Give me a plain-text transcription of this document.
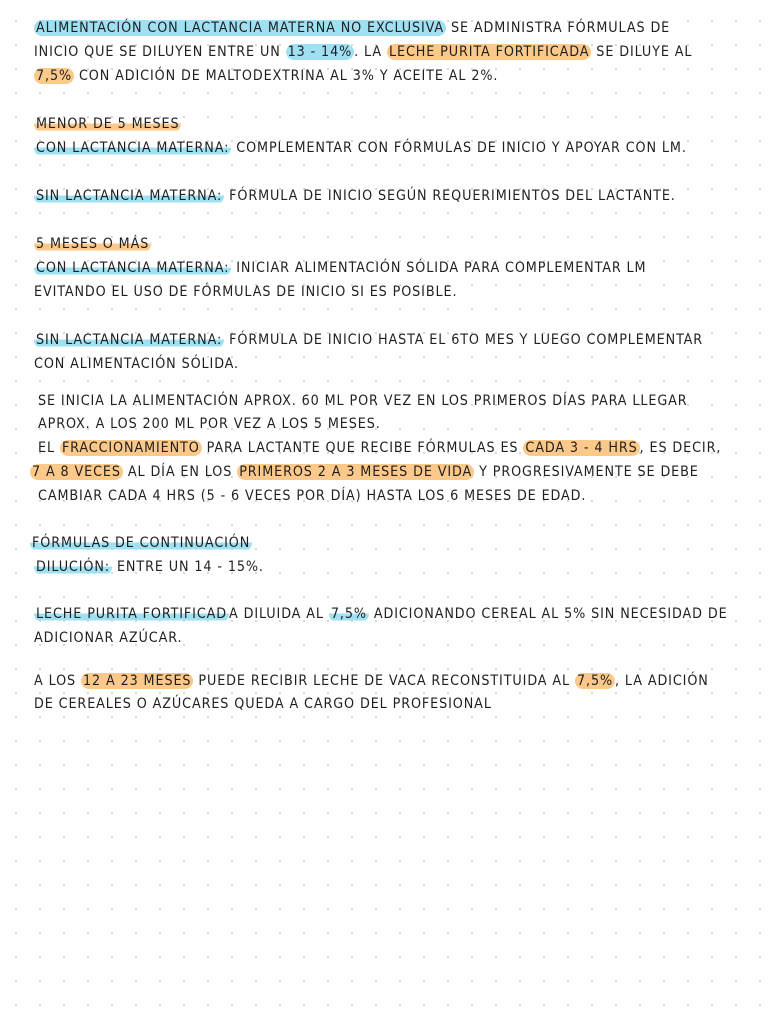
ALIMENTACIÓN CON LACTANCIA MATERNA NO EXCLUSIVA SE ADMINISTRA FÓRMULAS DE
INICIO QUE SE DILUYEN ENTRE UN 13 - 14% . LA LECHE PURITA FORTIFICADA SE DILUYE AL
7,5% CON ADICIÓN DE MALTODEXTRINA AL 3% Y ACEITE AL 2%.
MENOR DE 5 MESES
CON LACTANCIA MATERNA: COMPLEMENTAR CON FÓRMULAS DE INICIO Y APOYAR CON LM.
SIN LACTANCIA MATERNA: FÓRMULA DE INICIO SEGÚN REQUERIMIENTOS DEL LACTANTE.
5 MESES O MÁS
CON LACTANCIA MATERNA: INICIAR ALIMENTACIÓN SÓLIDA PARA COMPLEMENTAR LM
EVITANDO EL USO DE FÓRMULAS DE INICIO SI ES POSIBLE.
SIN LACTANCIA MATERNA: FÓRMULA DE INICIO HASTA EL 6TO MES Y LUEGO COMPLEMENTAR
CON ALIMENTACIÓN SÓLIDA.
SE INICIA LA ALIMENTACIÓN APROX. 60 ML POR VEZ EN LOS PRIMEROS DÍAS PARA LLEGAR
APROX. A LOS 200 ML POR VEZ A LOS 5 MESES.
EL FRACCIONAMIENTO PARA LACTANTE QUE RECIBE FÓRMULAS ES CADA 3 - 4 HRS , ES DECIR,
7 A 8 VECES AL DÍA EN LOS PRIMEROS 2 A 3 MESES DE VIDA Y PROGRESIVAMENTE SE DEBE
CAMBIAR CADA 4 HRS (5 - 6 VECES POR DÍA) HASTA LOS 6 MESES DE EDAD.
FÓRMULAS DE CONTINUACIÓN
DILUCIÓN: ENTRE UN 14 - 15%.
LECHE PURITA FORTIFICAD A DILUIDA AL 7,5% ADICIONANDO CEREAL AL 5% SIN NECESIDAD DE
ADICIONAR AZÚCAR.
A LOS 12 A 23 MESES PUEDE RECIBIR LECHE DE VACA RECONSTITUIDA AL 7,5% , LA ADICIÓN
DE CEREALES O AZÚCARES QUEDA A CARGO DEL PROFESIONAL
